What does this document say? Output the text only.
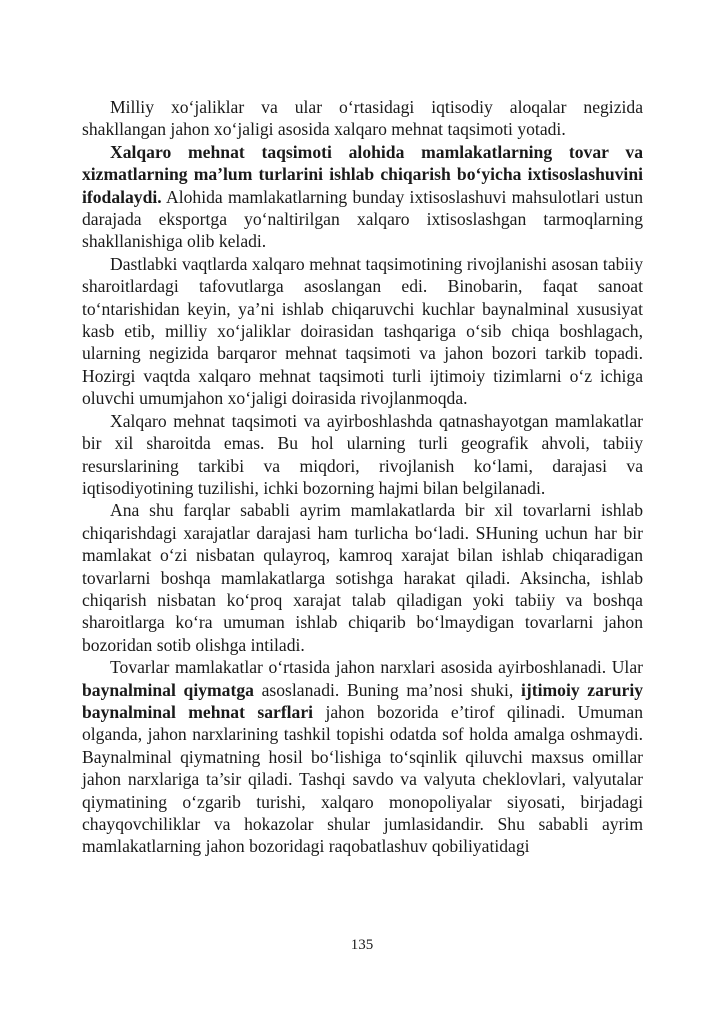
Milliy xo‘jaliklar va ular o‘rtasidagi iqtisodiy aloqalar negizida shakllangan jahon xo‘jaligi asosida xalqaro mehnat taqsimoti yotadi.

Xalqaro mehnat taqsimoti alohida mamlakatlarning tovar va xizmatlarning ma’lum turlarini ishlab chiqarish bo‘yicha ixtisoslashuvini ifodalaydi. Alohida mamlakatlarning bunday ixtisoslashuvi mahsulotlari ustun darajada eksportga yo‘naltirilgan xalqaro ixtisoslashgan tarmoqlarning shakllanishiga olib keladi.

Dastlabki vaqtlarda xalqaro mehnat taqsimotining rivojlanishi asosan tabiiy sharoitlardagi tafovutlarga asoslangan edi. Binobarin, faqat sanoat to‘ntarishidan keyin, ya’ni ishlab chiqaruvchi kuchlar baynalminal xususiyat kasb etib, milliy xo‘jaliklar doirasidan tashqariga o‘sib chiqa boshlagach, ularning negizida barqaror mehnat taqsimoti va jahon bozori tarkib topadi. Hozirgi vaqtda xalqaro mehnat taqsimoti turli ijtimoiy tizimlarni o‘z ichiga oluvchi umumjahon xo‘jaligi doirasida rivojlanmoqda.

Xalqaro mehnat taqsimoti va ayirboshlashda qatnashayotgan mamlakatlar bir xil sharoitda emas. Bu hol ularning turli geografik ahvoli, tabiiy resurslarining tarkibi va miqdori, rivojlanish ko‘lami, darajasi va iqtisodiyotining tuzilishi, ichki bozorning hajmi bilan belgilanadi.

Ana shu farqlar sababli ayrim mamlakatlarda bir xil tovarlarni ishlab chiqarishdagi xarajatlar darajasi ham turlicha bo‘ladi. SHuning uchun har bir mamlakat o‘zi nisbatan qulayroq, kamroq xarajat bilan ishlab chiqaradigan tovarlarni boshqa mamlakatlarga sotishga harakat qiladi. Aksincha, ishlab chiqarish nisbatan ko‘proq xarajat talab qiladigan yoki tabiiy va boshqa sharoitlarga ko‘ra umuman ishlab chiqarib bo‘lmaydigan tovarlarni jahon bozoridan sotib olishga intiladi.

Tovarlar mamlakatlar o‘rtasida jahon narxlari asosida ayirboshlanadi. Ular baynalminal qiymatga asoslanadi. Buning ma’nosi shuki, ijtimoiy zaruriy baynalminal mehnat sarflari jahon bozorida e’tirof qilinadi. Umuman olganda, jahon narxlarining tashkil topishi odatda sof holda amalga oshmaydi. Baynalminal qiymatning hosil bo‘lishiga to‘sqinlik qiluvchi maxsus omillar jahon narxlariga ta’sir qiladi. Tashqi savdo va valyuta cheklovlari, valyutalar qiymatining o‘zgarib turishi, xalqaro monopoliyalar siyosati, birjadagi chayqovchiliklar va hokazolar shular jumlasidandir. Shu sababli ayrim mamlakatlarning jahon bozoridagi raqobatlashuv qobiliyatidagi

135
